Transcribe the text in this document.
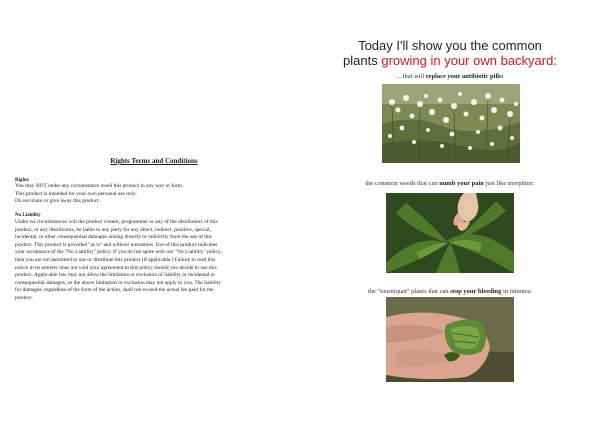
Rights Terms and Conditions
Rights
You may NOT under any circumstance resell this product in any way or form.
This product is intended for your own personal use only.
Do not share or give away this product.
No Liability
Under no circumstances will the product creator, programmer or any of the distributors of this
product, or any distributors, be liable to any party for any direct, indirect, punitive, special,
incidental, or other consequential damages arising directly or indirectly from the use of this
product. This product is provided "as is" and without warranties. Use of this product indicates
your acceptance of the "No Liability" policy. If you do not agree with our "No Liability" policy,
then you are not permitted to use or distribute this product (if applicable.) Failure to read this
notice in its entirety does not void your agreement to this policy should you decide to use this
product. Applicable law may not allow the limitation or exclusion of liability or incidental or
consequential damages, so the above limitation or exclusion may not apply to you. The liability
for damages, regardless of the form of the action, shall not exceed the actual fee paid for the
product.
Today I'll show you the common
plants growing in your own backyard:
... that will replace your antibiotic pills:
the common weeds that can numb your pain just like morphine:
the "tourniquet" plants that can stop your bleeding in minutes:
